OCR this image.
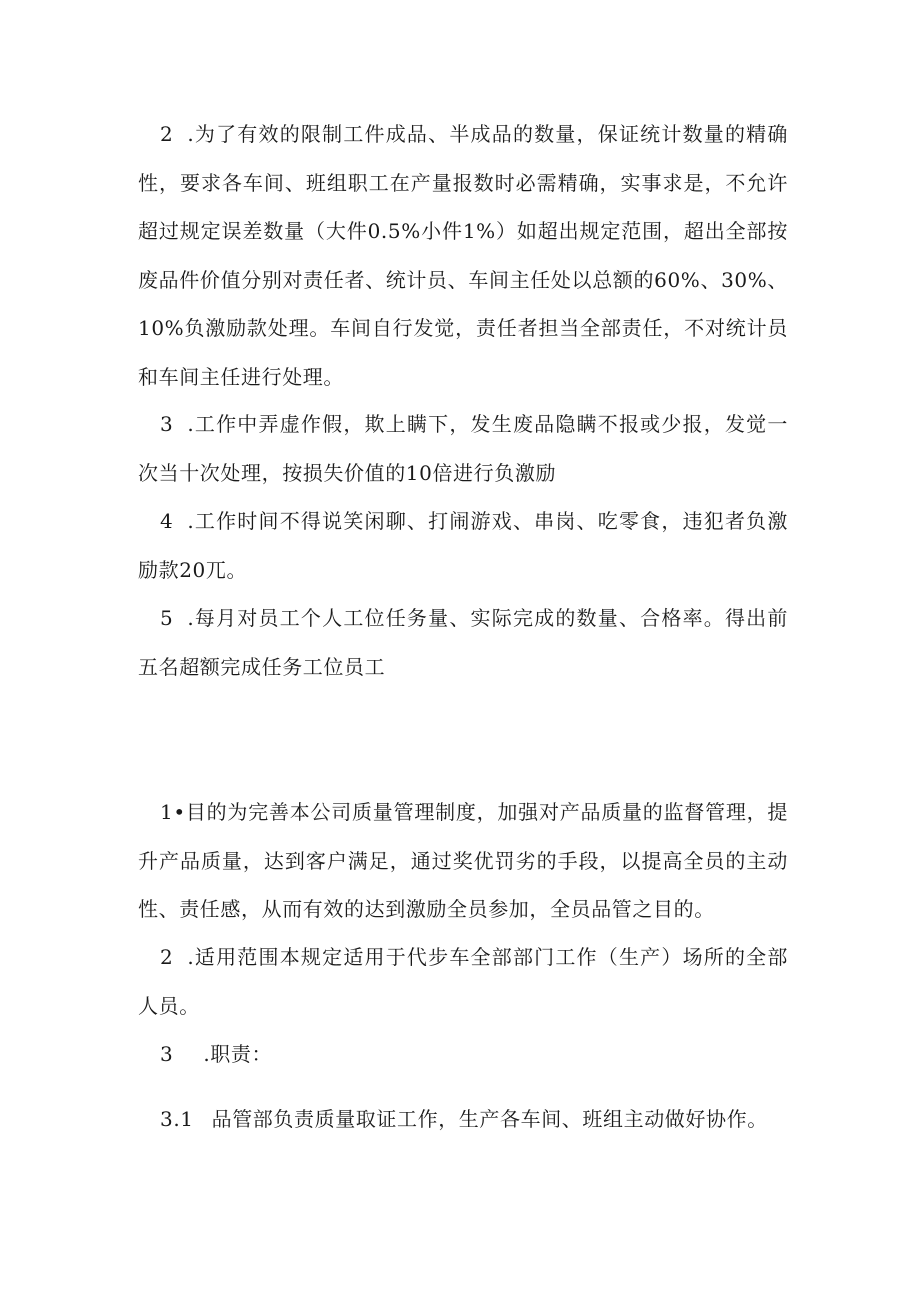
2 .为了有效的限制工件成品、半成品的数量，保证统计数量的精确性，要求各车间、班组职工在产量报数时必需精确，实事求是，不允许超过规定误差数量（大件0.5%小件1%）如超出规定范围，超出全部按废品件价值分别对责任者、统计员、车间主任处以总额的60%、30%、10%负激励款处理。车间自行发觉，责任者担当全部责任，不对统计员和车间主任进行处理。

3 .工作中弄虚作假，欺上瞒下，发生废品隐瞒不报或少报，发觉一次当十次处理，按损失价值的10倍进行负激励

4 .工作时间不得说笑闲聊、打闹游戏、串岗、吃零食，违犯者负激励款20兀。

5 .每月对员工个人工位任务量、实际完成的数量、合格率。得出前五名超额完成任务工位员工

1•目的为完善本公司质量管理制度，加强对产品质量的监督管理，提升产品质量，达到客户满足，通过奖优罚劣的手段，以提高全员的主动性、责任感，从而有效的达到激励全员参加，全员品管之目的。

2 .适用范围本规定适用于代步车全部部门工作（生产）场所的全部人员。

3 .职责：

3.1 品管部负责质量取证工作，生产各车间、班组主动做好协作。
